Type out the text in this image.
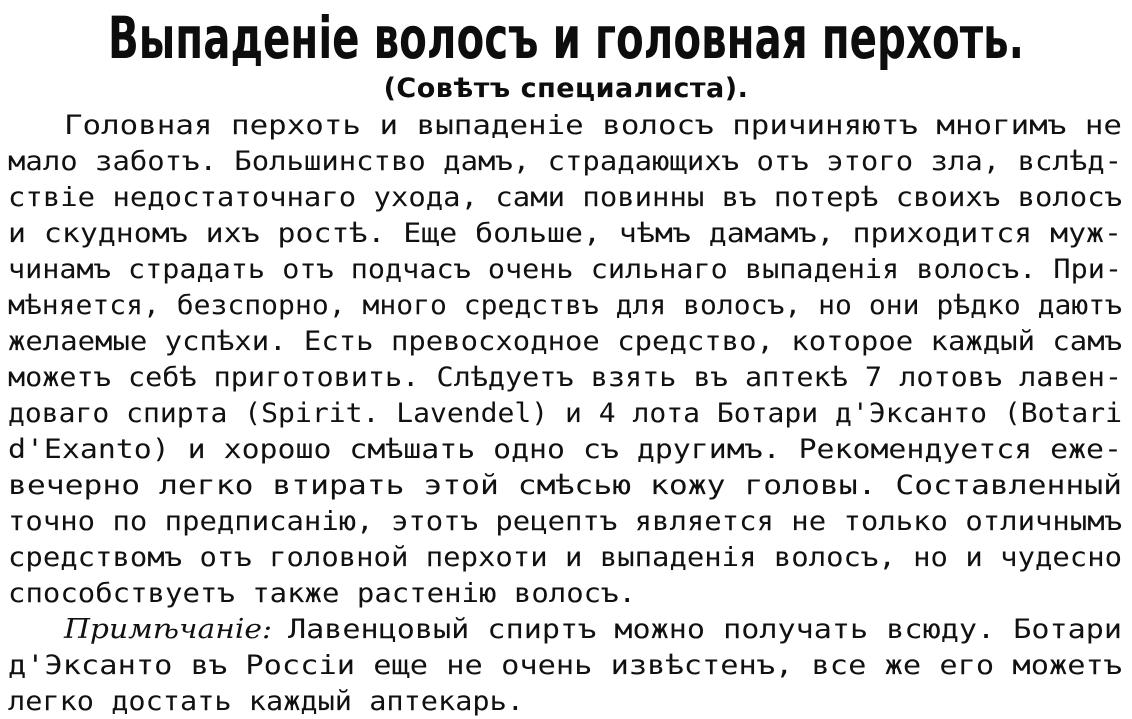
Выпаденіе волосъ и головная перхоть.
(Совѣтъ специалиста).
Головная перхоть и выпаденіе волосъ причиняютъ многимъ не
мало заботъ. Большинство дамъ, страдающихъ отъ этого зла, вслѣд-
ствіе недостаточнаго ухода, сами повинны въ потерѣ своихъ волосъ
и скудномъ ихъ ростѣ. Еще больше, чѣмъ дамамъ, приходится муж-
чинамъ страдать отъ подчасъ очень сильнаго выпаденія волосъ. При-
мѣняется, безспорно, много средствъ для волосъ, но они рѣдко даютъ
желаемые успѣхи. Есть превосходное средство, которое каждый самъ
можетъ себѣ приготовить. Слѣдуетъ взять въ аптекѣ 7 лотовъ лавен-
доваго спирта (Spirit. Lavendel) и 4 лота Ботари д'Эксанто (Botari
d'Exanto) и хорошо смѣшать одно съ другимъ. Рекомендуется еже-
вечерно легко втирать этой смѣсью кожу головы. Составленный
точно по предписанію, этотъ рецептъ является не только отличнымъ
средствомъ отъ головной перхоти и выпаденія волосъ, но и чудесно
способствуетъ также растенію волосъ.
Примѣчаніе: Лавенцовый спиртъ можно получать всюду. Ботари
д'Эксанто въ Россіи еще не очень извѣстенъ, все же его можетъ
легко достать каждый аптекарь.
